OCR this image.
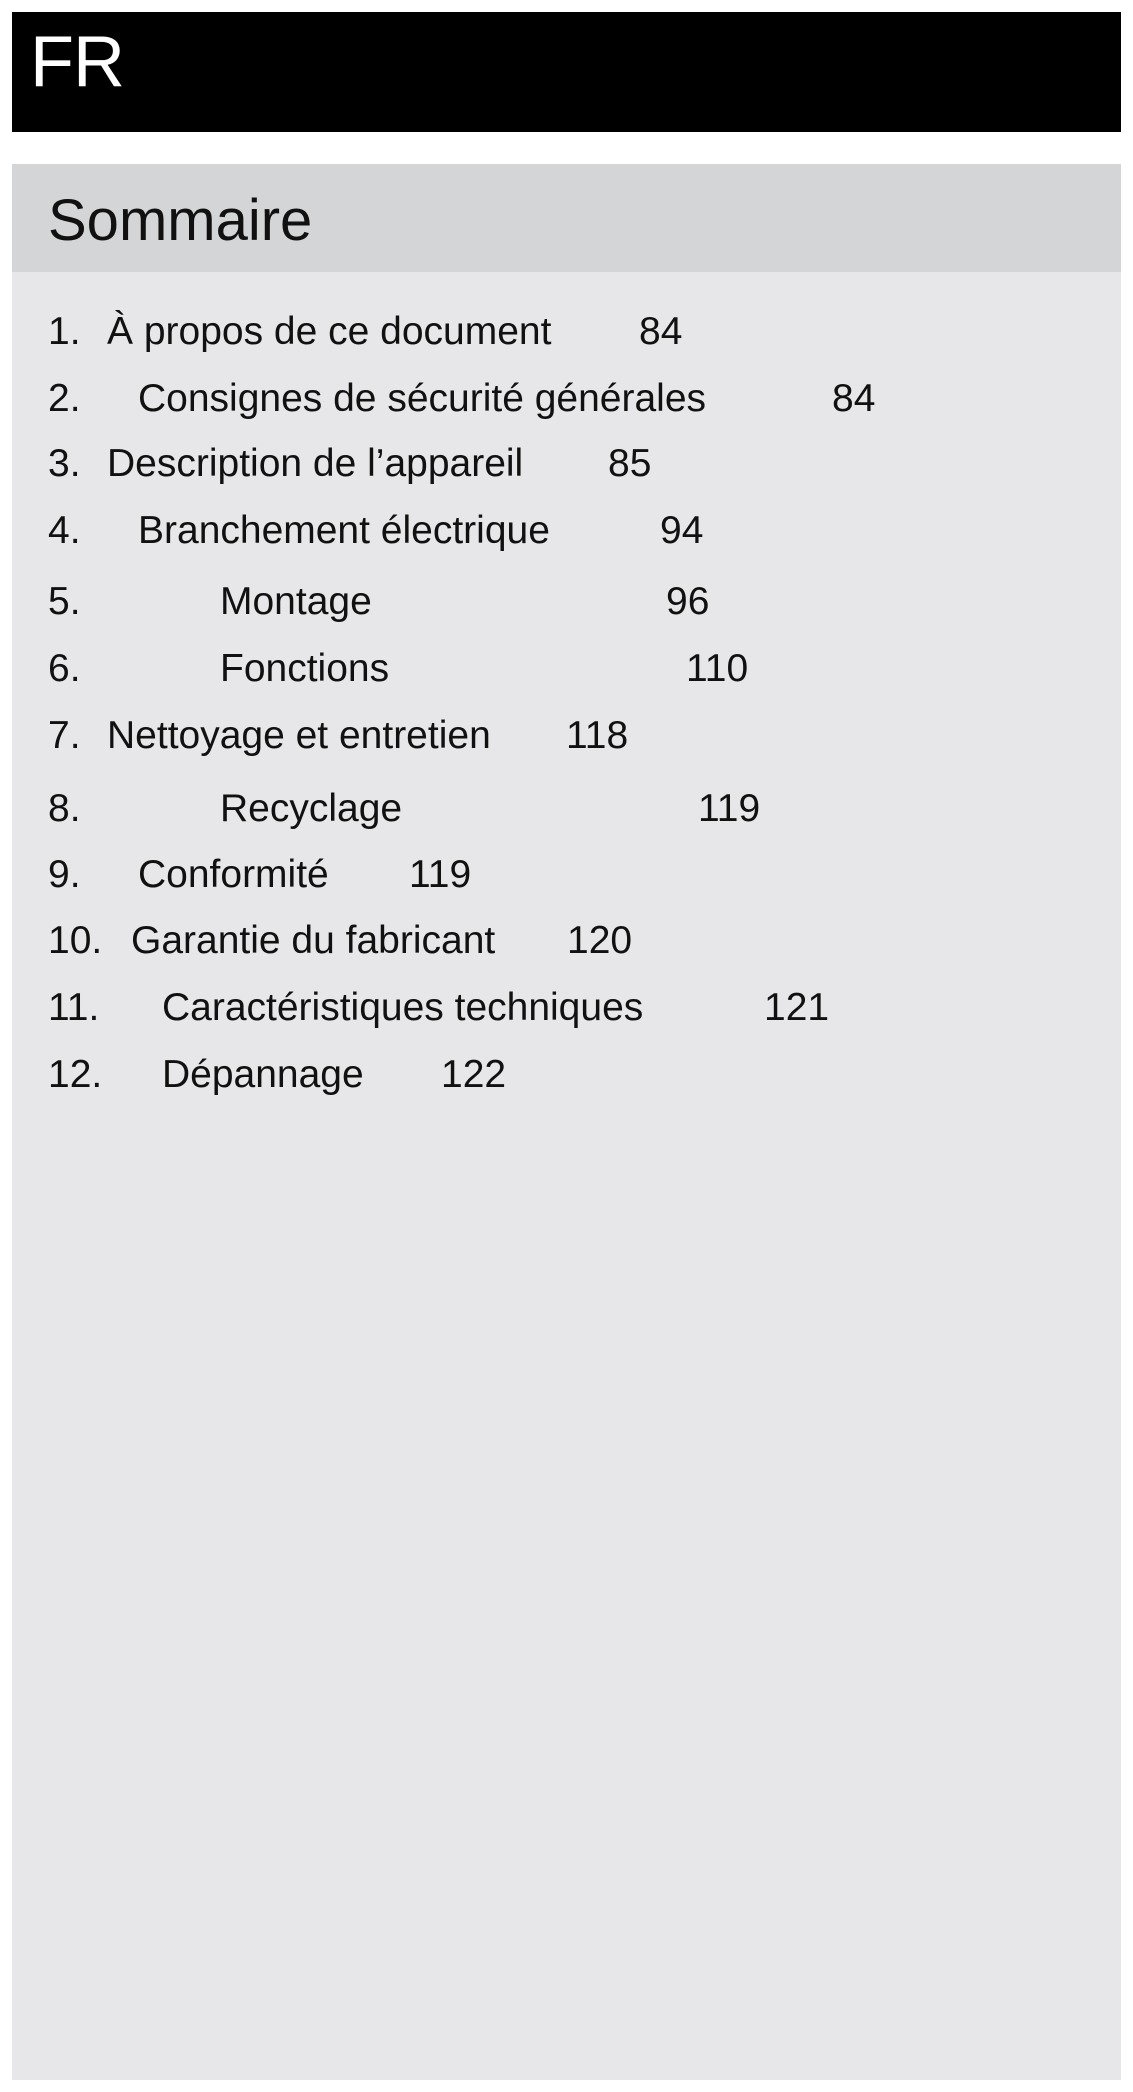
FR
Sommaire
1. À propos de ce document 84
2. Consignes de sécurité générales	84
3. Description de l’appareil 85
4. Branchement électrique	94
5.	Montage	96
6.	Fonctions	110
7. Nettoyage et entretien 118
8.	Recyclage	119
9. Conformité 119
10. Garantie du fabricant 120
11. Caractéristiques techniques	121
12. Dépannage 122
